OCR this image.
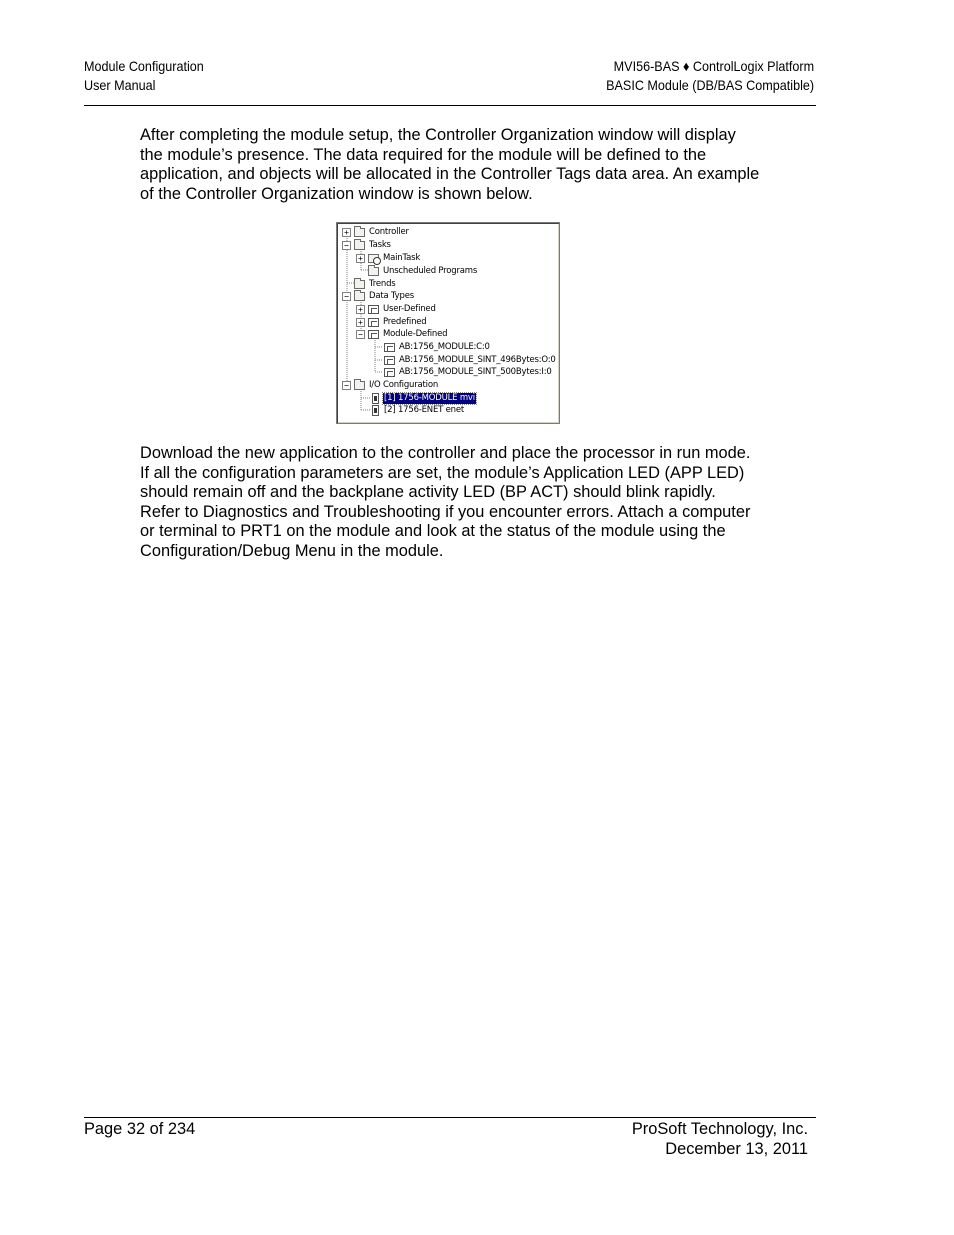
Module Configuration
User Manual
MVI56-BAS ♦ ControlLogix Platform
BASIC Module (DB/BAS Compatible)

After completing the module setup, the Controller Organization window will display the module’s presence. The data required for the module will be defined to the application, and objects will be allocated in the Controller Tags data area. An example of the Controller Organization window is shown below.

+ Controller
− Tasks
+ MainTask
Unscheduled Programs
Trends
− Data Types
+ User-Defined
+ Predefined
− Module-Defined
AB:1756_MODULE:C:0
AB:1756_MODULE_SINT_496Bytes:O:0
AB:1756_MODULE_SINT_500Bytes:I:0
− I/O Configuration
[1] 1756-MODULE mvi
[2] 1756-ENET enet

Download the new application to the controller and place the processor in run mode. If all the configuration parameters are set, the module’s Application LED (APP LED) should remain off and the backplane activity LED (BP ACT) should blink rapidly. Refer to Diagnostics and Troubleshooting if you encounter errors. Attach a computer or terminal to PRT1 on the module and look at the status of the module using the Configuration/Debug Menu in the module.

Page 32 of 234	ProSoft Technology, Inc.
December 13, 2011
